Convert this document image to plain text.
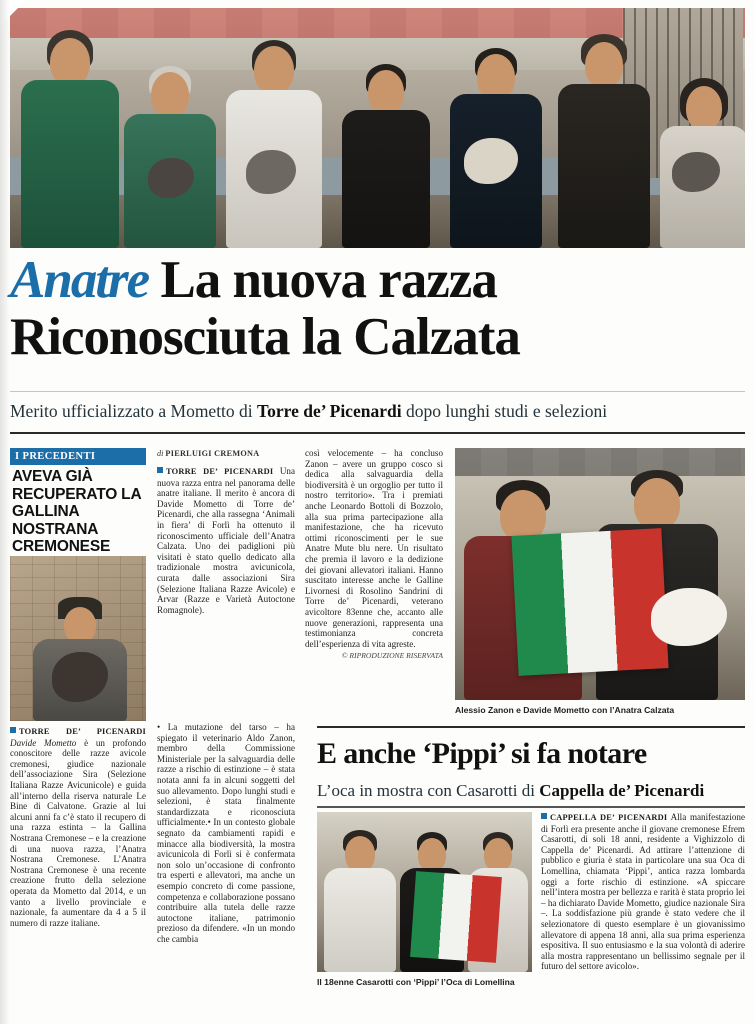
Anatre La nuova razza
Riconosciuta la Calzata
Merito ufficializzato a Mometto di Torre de’ Picenardi dopo lunghi studi e selezioni
I PRECEDENTI
AVEVA GIÀ RECUPERATO LA GALLINA NOSTRANA CREMONESE

TORRE DE’ PICENARDI Davide Mometto è un profondo conoscitore delle razze avicole cremonesi, giudice nazionale dell’associazione Sira (Selezione Italiana Razze Avicunicole) e guida all’interno della riserva naturale Le Bine di Calvatone. Grazie al lui alcuni anni fa c’è stato il recupero di una razza estinta – la Gallina Nostrana Cremonese – e la creazione di una nuova razza, l’Anatra Nostrana Cremonese. L’Anatra Nostrana Cremonese è una recente creazione frutto della selezione operata da Mometto dal 2014, e un vanto a livello provinciale e nazionale, fa aumentare da 4 a 5 il numero di razze italiane.

di PIERLUIGI CREMONA

TORRE DE’ PICENARDI Una nuova razza entra nel panorama delle anatre italiane. Il merito è ancora di Davide Mometto di Torre de’ Picenardi, che alla rassegna ‘Animali in fiera’ di Forlì ha ottenuto il riconoscimento ufficiale dell’Anatra Calzata. Uno dei padiglioni più visitati è stato quello dedicato alla tradizionale mostra avicunicola, curata dalle associazioni Sira (Selezione Italiana Razze Avicole) e Arvar (Razze e Varietà Autoctone Romagnole).

• La mutazione del tarso – ha spiegato il veterinario Aldo Zanon, membro della Commissione Ministeriale per la salvaguardia delle razze a rischio di estinzione – è stata notata anni fa in alcuni soggetti del suo allevamento. Dopo lunghi studi e selezioni, è stata finalmente standardizzata e riconosciuta ufficialmente.• In un contesto globale segnato da cambiamenti rapidi e minacce alla biodiversità, la mostra avicunicola di Forlì si è confermata non solo un’occasione di confronto tra esperti e allevatori, ma anche un esempio concreto di come passione, competenza e collaborazione possano contribuire alla tutela delle razze autoctone italiane, patrimonio prezioso da difendere. «In un mondo che cambia

così velocemente – ha concluso Zanon – avere un gruppo cosco si dedica alla salvaguardia della biodiversità è un orgoglio per tutto il nostro territorio». Tra i premiati anche Leonardo Bottoli di Bozzolo, alla sua prima partecipazione alla manifestazione, che ha ricevuto ottimi riconoscimenti per le sue Anatre Mute blu nere. Un risultato che premia il lavoro e la dedizione dei giovani allevatori italiani. Hanno suscitato interesse anche le Galline Livornesi di Rosolino Sandrini di Torre de’ Picenardi, veterano avicoltore 83enne che, accanto alle nuove generazioni, rappresenta una testimonianza concreta dell’esperienza di vita agreste.

© RIPRODUZIONE RISERVATA

Alessio Zanon e Davide Mometto con l’Anatra Calzata
E anche ‘Pippi’ si fa notare
L’oca in mostra con Casarotti di Cappella de’ Picenardi
Il 18enne Casarotti con ‘Pippi’ l’Oca di Lomellina

CAPPELLA DE’ PICENARDI Alla manifestazione di Forlì era presente anche il giovane cremonese Efrem Casarotti, di soli 18 anni, residente a Vighizzolo di Cappella de’ Picenardi. Ad attirare l’attenzione di pubblico e giuria è stata in particolare una sua Oca di Lomellina, chiamata ‘Pippi’, antica razza lombarda oggi a forte rischio di estinzione. «A spiccare nell’intera mostra per bellezza e rarità è stata proprio lei – ha dichiarato Davide Mometto, giudice nazionale Sira –. La soddisfazione più grande è stato vedere che il selezionatore di questo esemplare è un giovanissimo allevatore di appena 18 anni, alla sua prima esperienza espositiva. Il suo entusiasmo e la sua volontà di aderire alla mostra rappresentano un bellissimo segnale per il futuro del settore avicolo».
